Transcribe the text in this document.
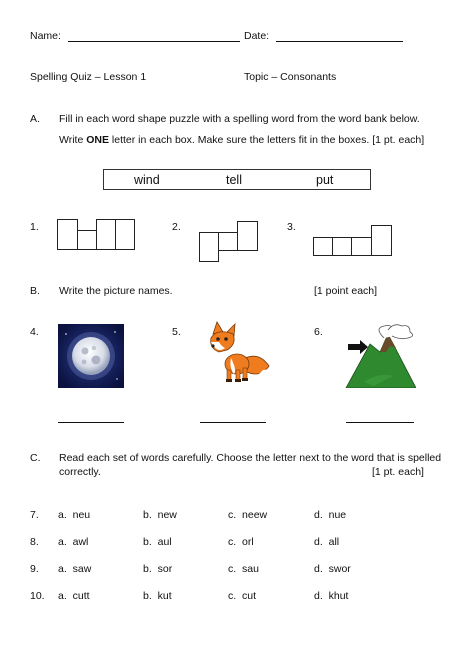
Name:	Date:
Spelling Quiz – Lesson 1	Topic – Consonants
A. Fill in each word shape puzzle with a spelling word from the word bank below.
Write ONE letter in each box. Make sure the letters fit in the boxes. [1 pt. each]
wind	tell	put
1.	2.	3.
B. Write the picture names.	[1 point each]
4.	5.	6.
C. Read each set of words carefully. Choose the letter next to the word that is spelled
correctly.	[1 pt. each]
7. a. neu	b. new	c. neew	d. nue
8. a. awl	b. aul	c. orl	d. all
9. a. saw	b. sor	c. sau	d. swor
10. a. cutt	b. kut	c. cut	d. khut
